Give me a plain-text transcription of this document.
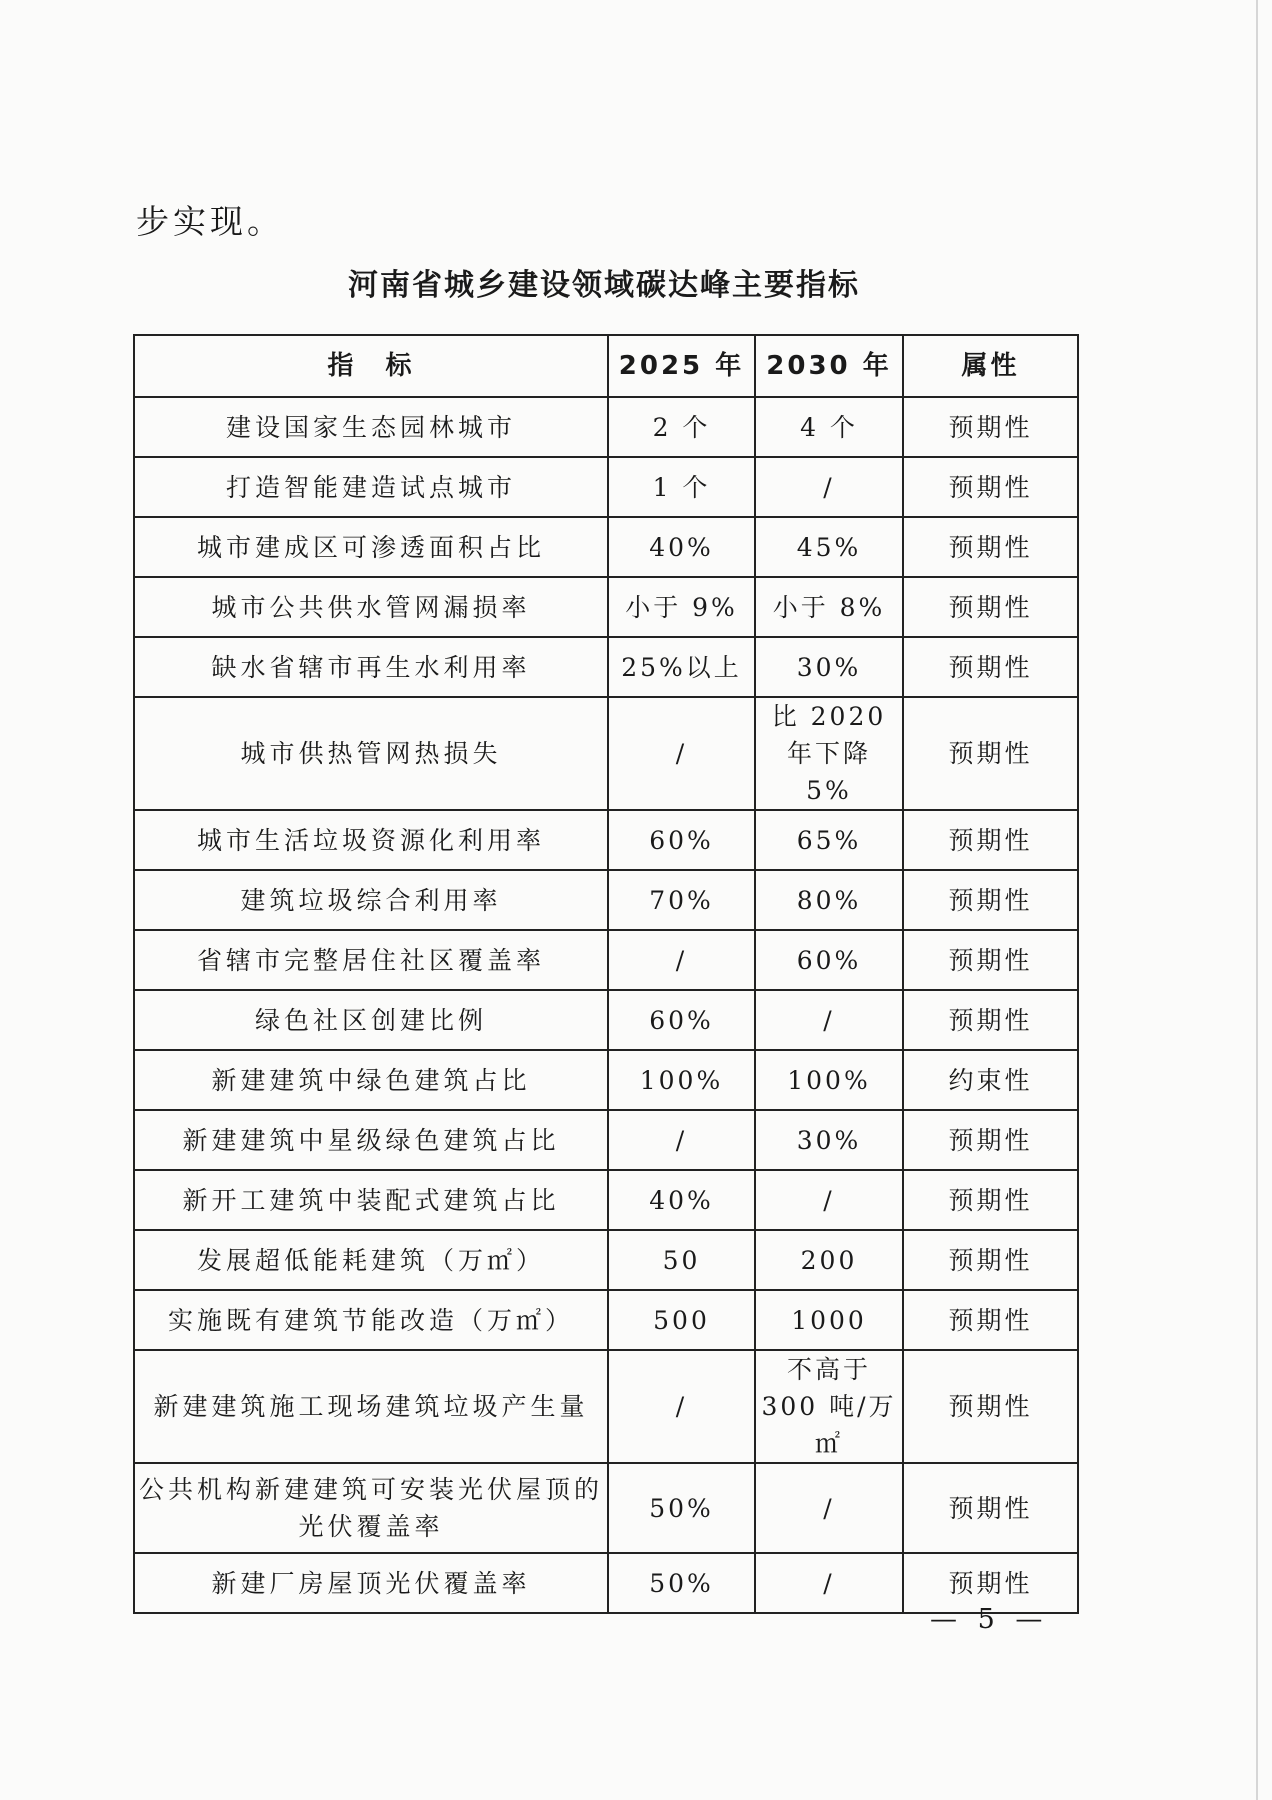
步实现。
河南省城乡建设领域碳达峰主要指标
指　标	2025 年	2030 年	属性
建设国家生态园林城市	2 个	4 个	预期性
打造智能建造试点城市	1 个	/	预期性
城市建成区可渗透面积占比	40%	45%	预期性
城市公共供水管网漏损率	小于 9%	小于 8%	预期性
缺水省辖市再生水利用率	25%以上	30%	预期性
城市供热管网热损失	/	比 2020 年下降 5%	预期性
城市生活垃圾资源化利用率	60%	65%	预期性
建筑垃圾综合利用率	70%	80%	预期性
省辖市完整居住社区覆盖率	/	60%	预期性
绿色社区创建比例	60%	/	预期性
新建建筑中绿色建筑占比	100%	100%	约束性
新建建筑中星级绿色建筑占比	/	30%	预期性
新开工建筑中装配式建筑占比	40%	/	预期性
发展超低能耗建筑（万㎡）	50	200	预期性
实施既有建筑节能改造（万㎡）	500	1000	预期性
新建建筑施工现场建筑垃圾产生量	/	不高于 300 吨/万㎡	预期性
公共机构新建建筑可安装光伏屋顶的光伏覆盖率	50%	/	预期性
新建厂房屋顶光伏覆盖率	50%	/	预期性
— 5 —
